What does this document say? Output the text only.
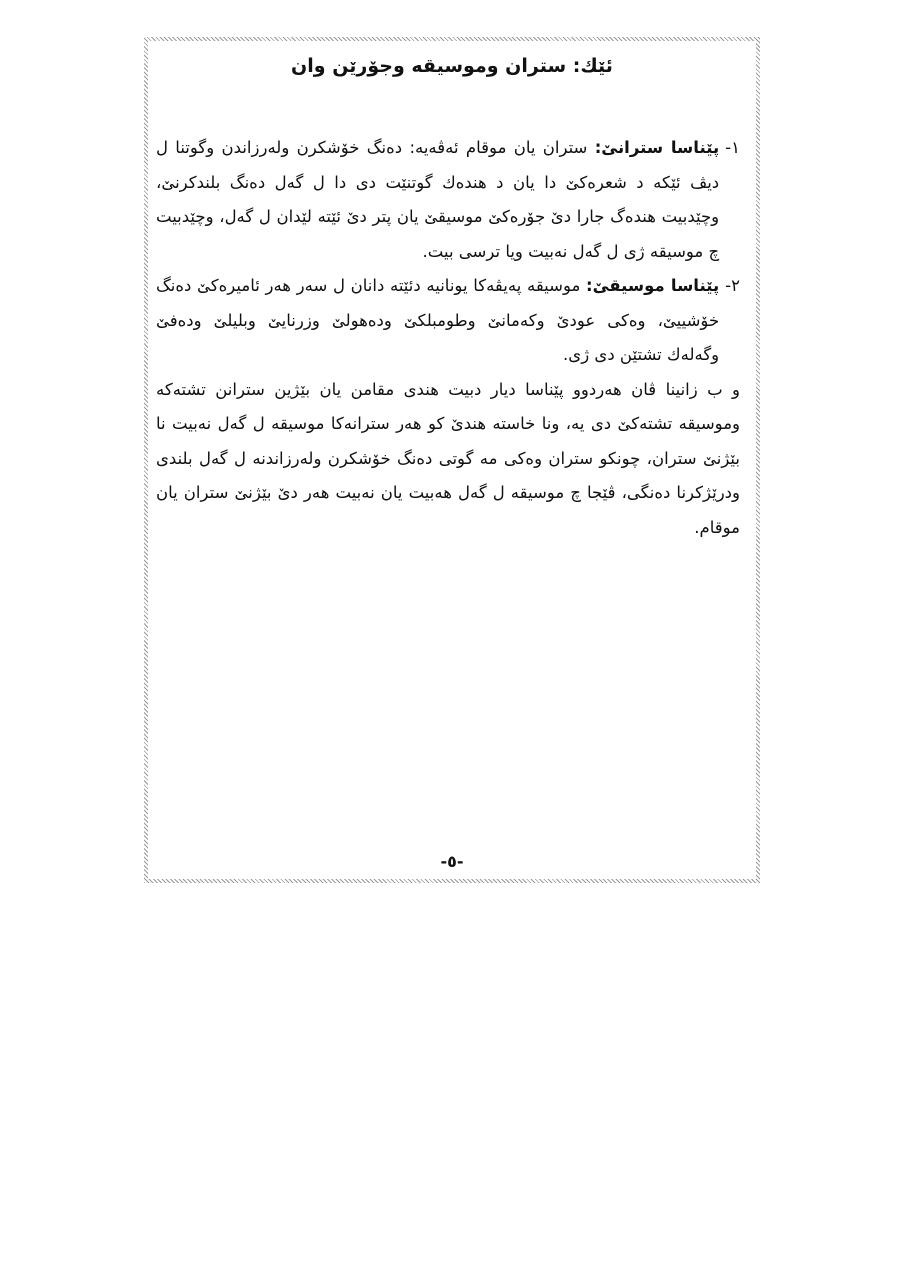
ئێك: ستران وموسیقه وجۆرێن وان
١-
پێناسا سترانێ: ستران یان موقام ئەڤەیە: دەنگ خۆشكرن ولەرزاندن وگوتنا ل دیڤ ئێكە د شعرەكێ دا یان د هندەك گوتنێت دی دا ل گەل دەنگ بلندكرنێ، وچێدبیت هندەگ جارا دێ جۆرەكێ موسیقێ یان پتر دێ ئێتە لێدان ل گەل، وچێدبیت چ موسیقه ژی ل گەل نەبیت ویا ترسی بیت.
٢-
پێناسا موسیقێ: موسیقه پەیڤەكا یونانیە دئێتە دانان ل سەر هەر ئامیرەكێ دەنگ خۆشییێ، وەكی عودێ وكەمانێ وطومبلكێ ودەهولێ وزرنایێ وبلیلێ ودەفێ وگەلەك تشتێن دی ژی.

و ب زانینا ڤان هەردوو پێناسا دیار دبیت هندی مقامن یان بێژین سترانن تشتەكە وموسیقه تشتەكێ دی یە، ونا خاستە هندێ كو هەر سترانەكا موسیقه ل گەل نەبیت نا بێژنێ ستران، چونكو ستران وەكی مە گوتی دەنگ خۆشكرن ولەرزاندنە ل گەل بلندی ودرێژكرنا دەنگی، ڤێجا چ موسیقه ل گەل هەبیت یان نەبیت هەر دێ بێژنێ ستران یان موقام.

-٥-
